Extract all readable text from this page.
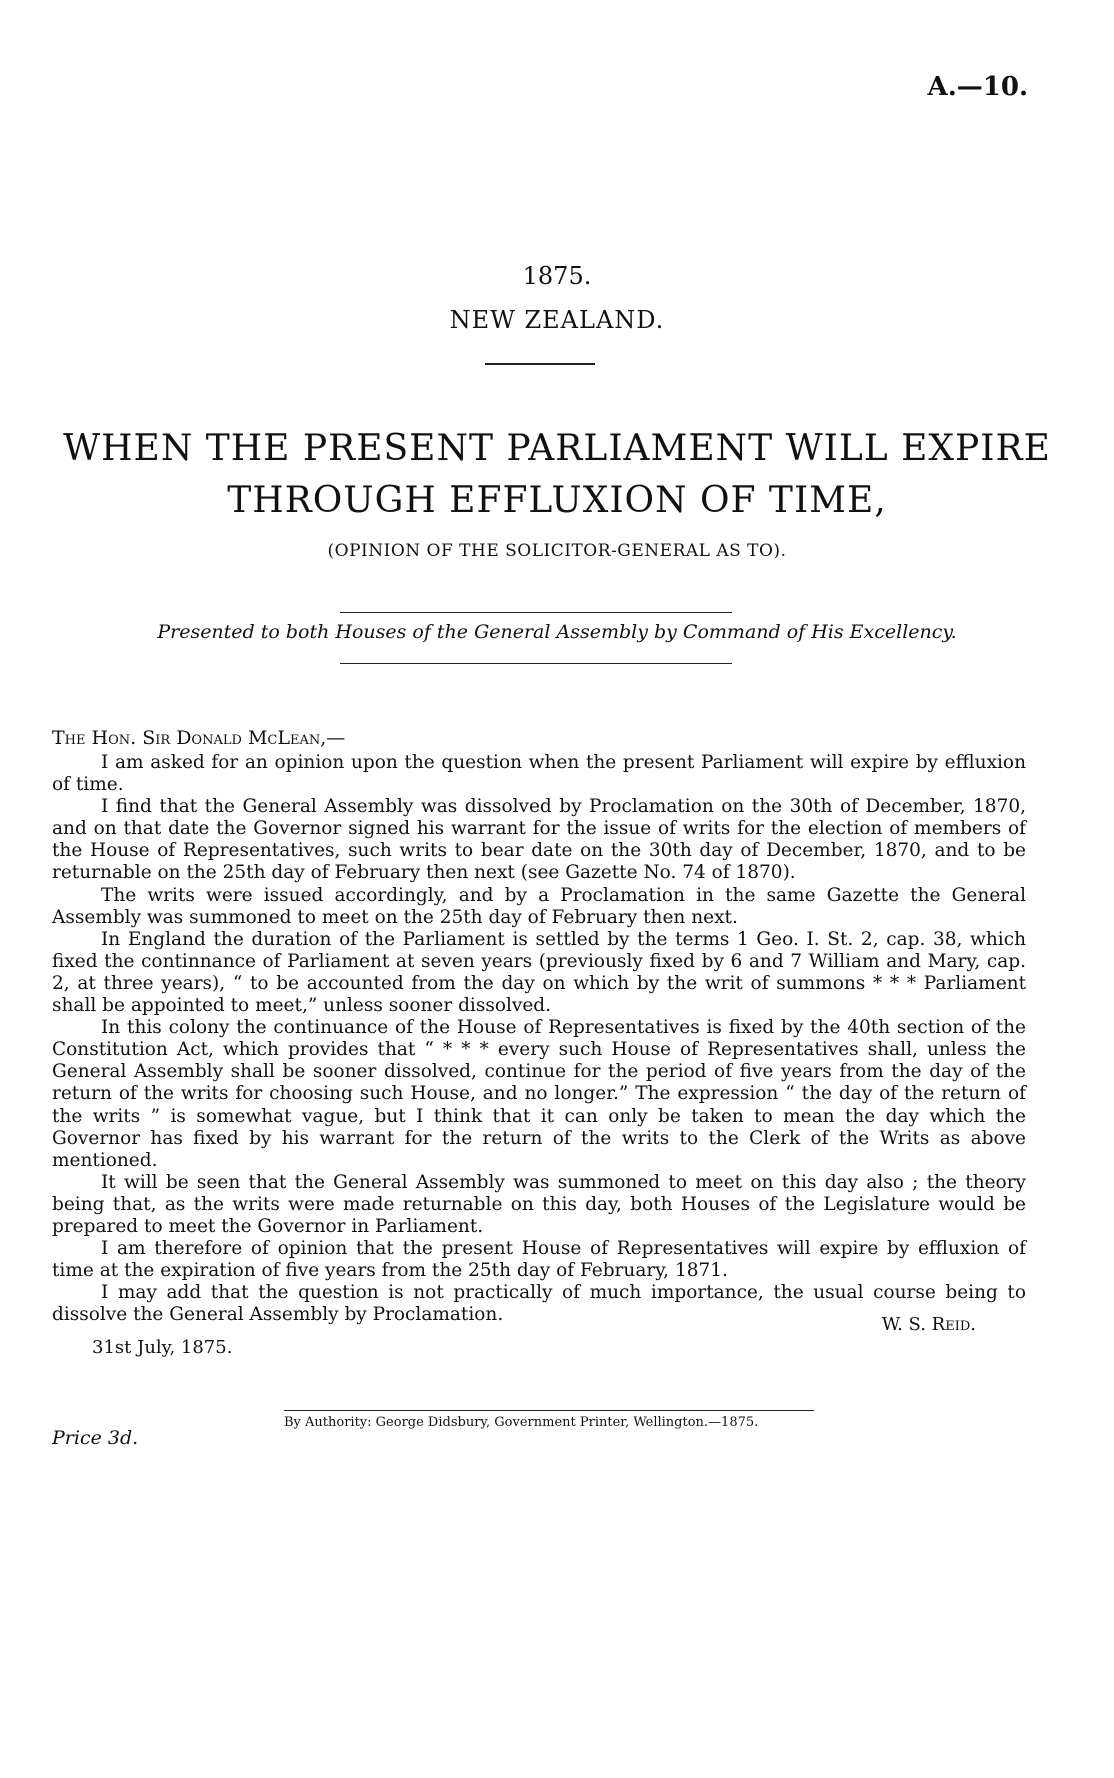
A.—10.
1875.
NEW ZEALAND.
WHEN THE PRESENT PARLIAMENT WILL EXPIRE
THROUGH EFFLUXION OF TIME,
(OPINION OF THE SOLICITOR-GENERAL AS TO).
Presented to both Houses of the General Assembly by Command of His Excellency.
The Hon. Sir Donald McLean,—

I am asked for an opinion upon the question when the present Parliament will expire by effluxion of time.

I find that the General Assembly was dissolved by Proclamation on the 30th of December, 1870, and on that date the Governor signed his warrant for the issue of writs for the election of members of the House of Representatives, such writs to bear date on the 30th day of December, 1870, and to be returnable on the 25th day of February then next (see Gazette No. 74 of 1870).

The writs were issued accordingly, and by a Proclamation in the same Gazette the General Assembly was summoned to meet on the 25th day of February then next.

In England the duration of the Parliament is settled by the terms 1 Geo. I. St. 2, cap. 38, which fixed the continnance of Parliament at seven years (previously fixed by 6 and 7 William and Mary, cap. 2, at three years), “ to be accounted from the day on which by the writ of summons * * * Parliament shall be appointed to meet,” unless sooner dissolved.

In this colony the continuance of the House of Representatives is fixed by the 40th section of the Constitution Act, which provides that “ * * * every such House of Representatives shall, unless the General Assembly shall be sooner dissolved, continue for the period of five years from the day of the return of the writs for choosing such House, and no longer.” The expression “ the day of the return of the writs ” is somewhat vague, but I think that it can only be taken to mean the day which the Governor has fixed by his warrant for the return of the writs to the Clerk of the Writs as above mentioned.

It will be seen that the General Assembly was summoned to meet on this day also ; the theory being that, as the writs were made returnable on this day, both Houses of the Legislature would be prepared to meet the Governor in Parliament.

I am therefore of opinion that the present House of Representatives will expire by effluxion of time at the expiration of five years from the 25th day of February, 1871.

I may add that the question is not practically of much importance, the usual course being to dissolve the General Assembly by Proclamation.	W. S. Reid.
31st July, 1875.
Price 3d.
By Authority: George Didsbury, Government Printer, Wellington.—1875.
